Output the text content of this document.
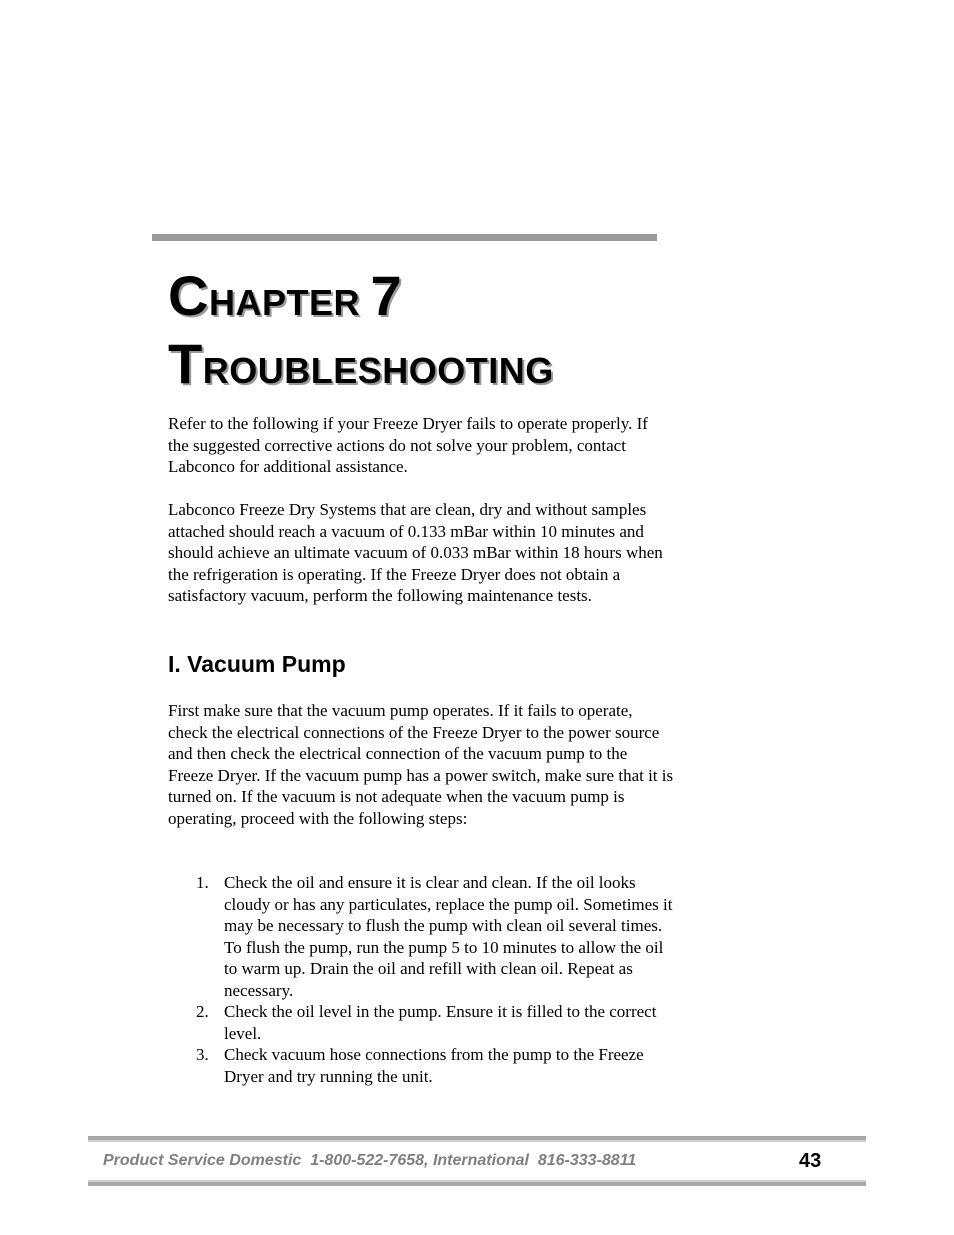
CHAPTER 7
TROUBLESHOOTING

Refer to the following if your Freeze Dryer fails to operate properly. If the suggested corrective actions do not solve your problem, contact Labconco for additional assistance.

Labconco Freeze Dry Systems that are clean, dry and without samples attached should reach a vacuum of 0.133 mBar within 10 minutes and should achieve an ultimate vacuum of 0.033 mBar within 18 hours when the refrigeration is operating. If the Freeze Dryer does not obtain a satisfactory vacuum, perform the following maintenance tests.

I. Vacuum Pump

First make sure that the vacuum pump operates. If it fails to operate, check the electrical connections of the Freeze Dryer to the power source and then check the electrical connection of the vacuum pump to the Freeze Dryer. If the vacuum pump has a power switch, make sure that it is turned on. If the vacuum is not adequate when the vacuum pump is operating, proceed with the following steps:

1. Check the oil and ensure it is clear and clean. If the oil looks cloudy or has any particulates, replace the pump oil. Sometimes it may be necessary to flush the pump with clean oil several times. To flush the pump, run the pump 5 to 10 minutes to allow the oil to warm up. Drain the oil and refill with clean oil. Repeat as necessary.
2. Check the oil level in the pump. Ensure it is filled to the correct level.
3. Check vacuum hose connections from the pump to the Freeze Dryer and try running the unit.

Product Service Domestic  1-800-522-7658, International  816-333-8811	43
